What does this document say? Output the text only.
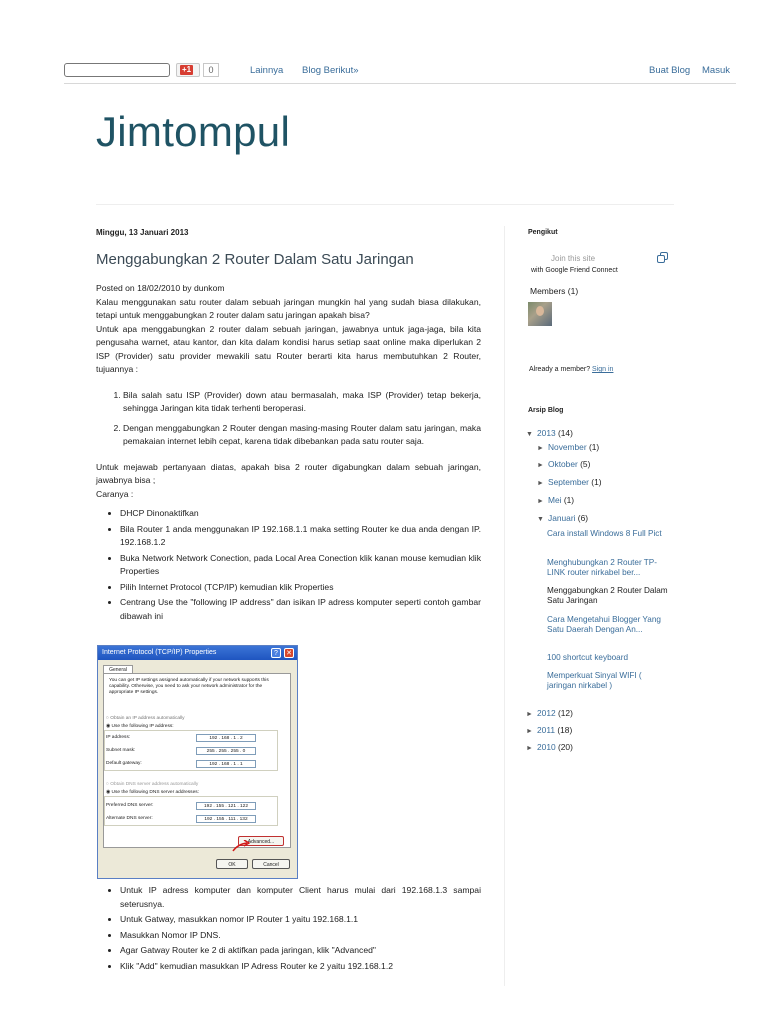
+1	0	Lainnya Blog Berikut»	Buat Blog Masuk
Jimtompul
Minggu, 13 Januari 2013
Menggabungkan 2 Router Dalam Satu Jaringan

Posted on 18/02/2010 by dunkom

Kalau menggunakan satu router dalam sebuah jaringan mungkin hal yang sudah biasa dilakukan, tetapi untuk menggabungkan 2 router dalam satu jaringan apakah bisa?

Untuk apa menggabungkan 2 router dalam sebuah jaringan, jawabnya untuk jaga-jaga, bila kita pengusaha warnet, atau kantor, dan kita dalam kondisi harus setiap saat online maka diperlukan 2 ISP (Provider) satu provider mewakili satu Router berarti kita harus membutuhkan 2 Router, tujuannya :

1. Bila salah satu ISP (Provider) down atau bermasalah, maka ISP (Provider) tetap bekerja, sehingga Jaringan kita tidak terhenti beroperasi.
2. Dengan menggabungkan 2 Router dengan masing-masing Router dalam satu jaringan, maka pemakaian internet lebih cepat, karena tidak dibebankan pada satu router saja.

Untuk mejawab pertanyaan diatas, apakah bisa 2 router digabungkan dalam sebuah jaringan, jawabnya bisa ;

Caranya :

• DHCP Dinonaktifkan
• Bila Router 1 anda menggunakan IP 192.168.1.1 maka setting Router ke dua anda dengan IP. 192.168.1.2
• Buka Network Network Conection, pada Local Area Conection klik kanan mouse kemudian klik Properties
• Pilih Internet Protocol (TCP/IP) kemudian klik Properties
• Centrang Use the "following IP address" dan isikan IP adress komputer seperti contoh gambar dibawah ini
Internet Protocol (TCP/IP) Properties	?	✕
General
You can get IP settings assigned automatically if your network supports this capability. Otherwise, you need to ask your network administrator for the appropriate IP settings.
○ Obtain an IP address automatically
◉ Use the following IP address:
IP address:	192 . 168 . 1 . 2
Subnet mask:	255 . 255 . 255 . 0
Default gateway:	192 . 168 . 1 . 1
○ Obtain DNS server address automatically
◉ Use the following DNS server addresses:
Preferred DNS server:	192 . 155 . 121 . 122
Alternate DNS server:	192 . 155 . 111 . 132
Advanced...
OK	Cancel
• Untuk IP adress komputer dan komputer Client harus mulai dari 192.168.1.3 sampai seterusnya.
• Untuk Gatway, masukkan nomor IP Router 1 yaitu 192.168.1.1
• Masukkan Nomor IP DNS.
• Agar Gatway Router ke 2 di aktifkan pada jaringan, klik "Advanced"
• Klik "Add" kemudian masukkan IP Adress Router ke 2 yaitu 192.168.1.2
Pengikut
Join this site
with Google Friend Connect
Members (1)
Already a member? Sign in
Arsip Blog
▼ 2013 (14)
► November (1)
► Oktober (5)
► September (1)
► Mei (1)
▼ Januari (6)
Cara install Windows 8 Full Pict
Menghubungkan 2 Router TP-LINK router nirkabel ber...
Menggabungkan 2 Router Dalam Satu Jaringan
Cara Mengetahui Blogger Yang Satu Daerah Dengan An...
100 shortcut keyboard
Memperkuat Sinyal WIFI ( jaringan nirkabel )
► 2012 (12)
► 2011 (18)
► 2010 (20)
